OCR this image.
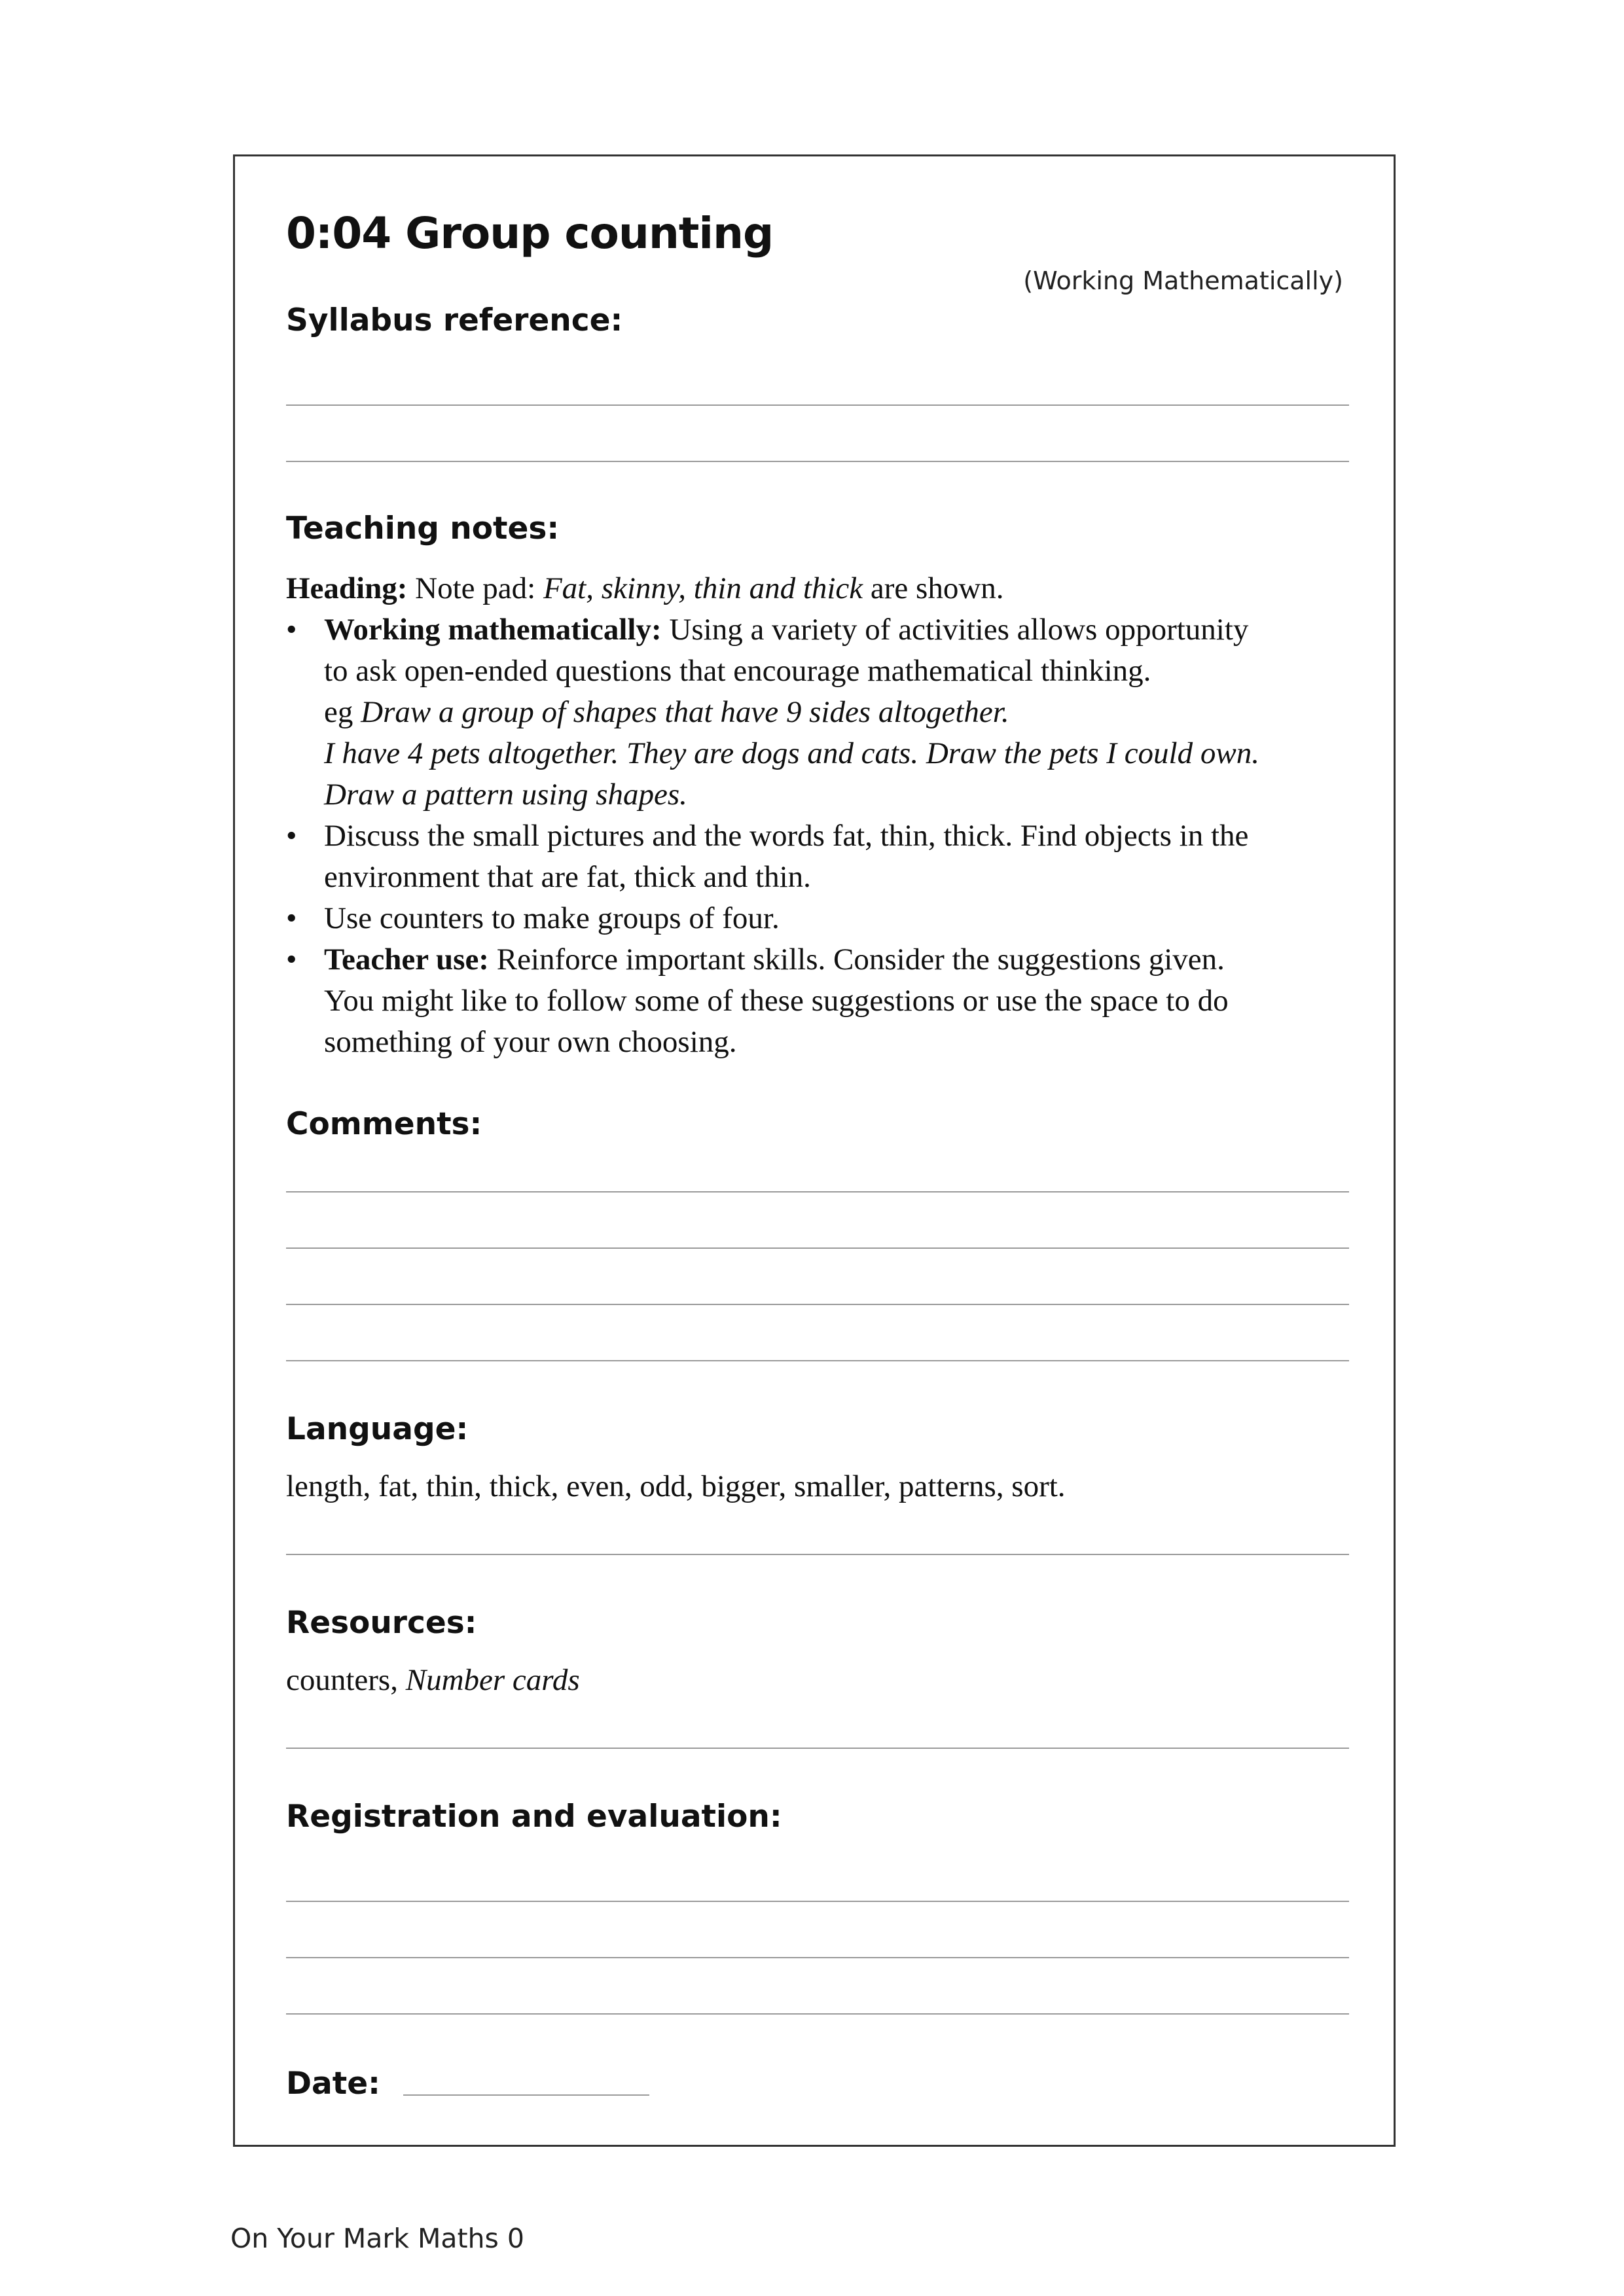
0:04 Group counting
(Working Mathematically)
Syllabus reference:
Teaching notes:
Heading: Note pad: Fat, skinny, thin and thick are shown.
• Working mathematically: Using a variety of activities allows opportunity
to ask open-ended questions that encourage mathematical thinking.
eg Draw a group of shapes that have 9 sides altogether.
I have 4 pets altogether. They are dogs and cats. Draw the pets I could own.
Draw a pattern using shapes.
• Discuss the small pictures and the words fat, thin, thick. Find objects in the
environment that are fat, thick and thin.
• Use counters to make groups of four.
• Teacher use: Reinforce important skills. Consider the suggestions given.
You might like to follow some of these suggestions or use the space to do
something of your own choosing.
Comments:
Language:
length, fat, thin, thick, even, odd, bigger, smaller, patterns, sort.
Resources:
counters, Number cards
Registration and evaluation:
Date:
On Your Mark Maths 0
